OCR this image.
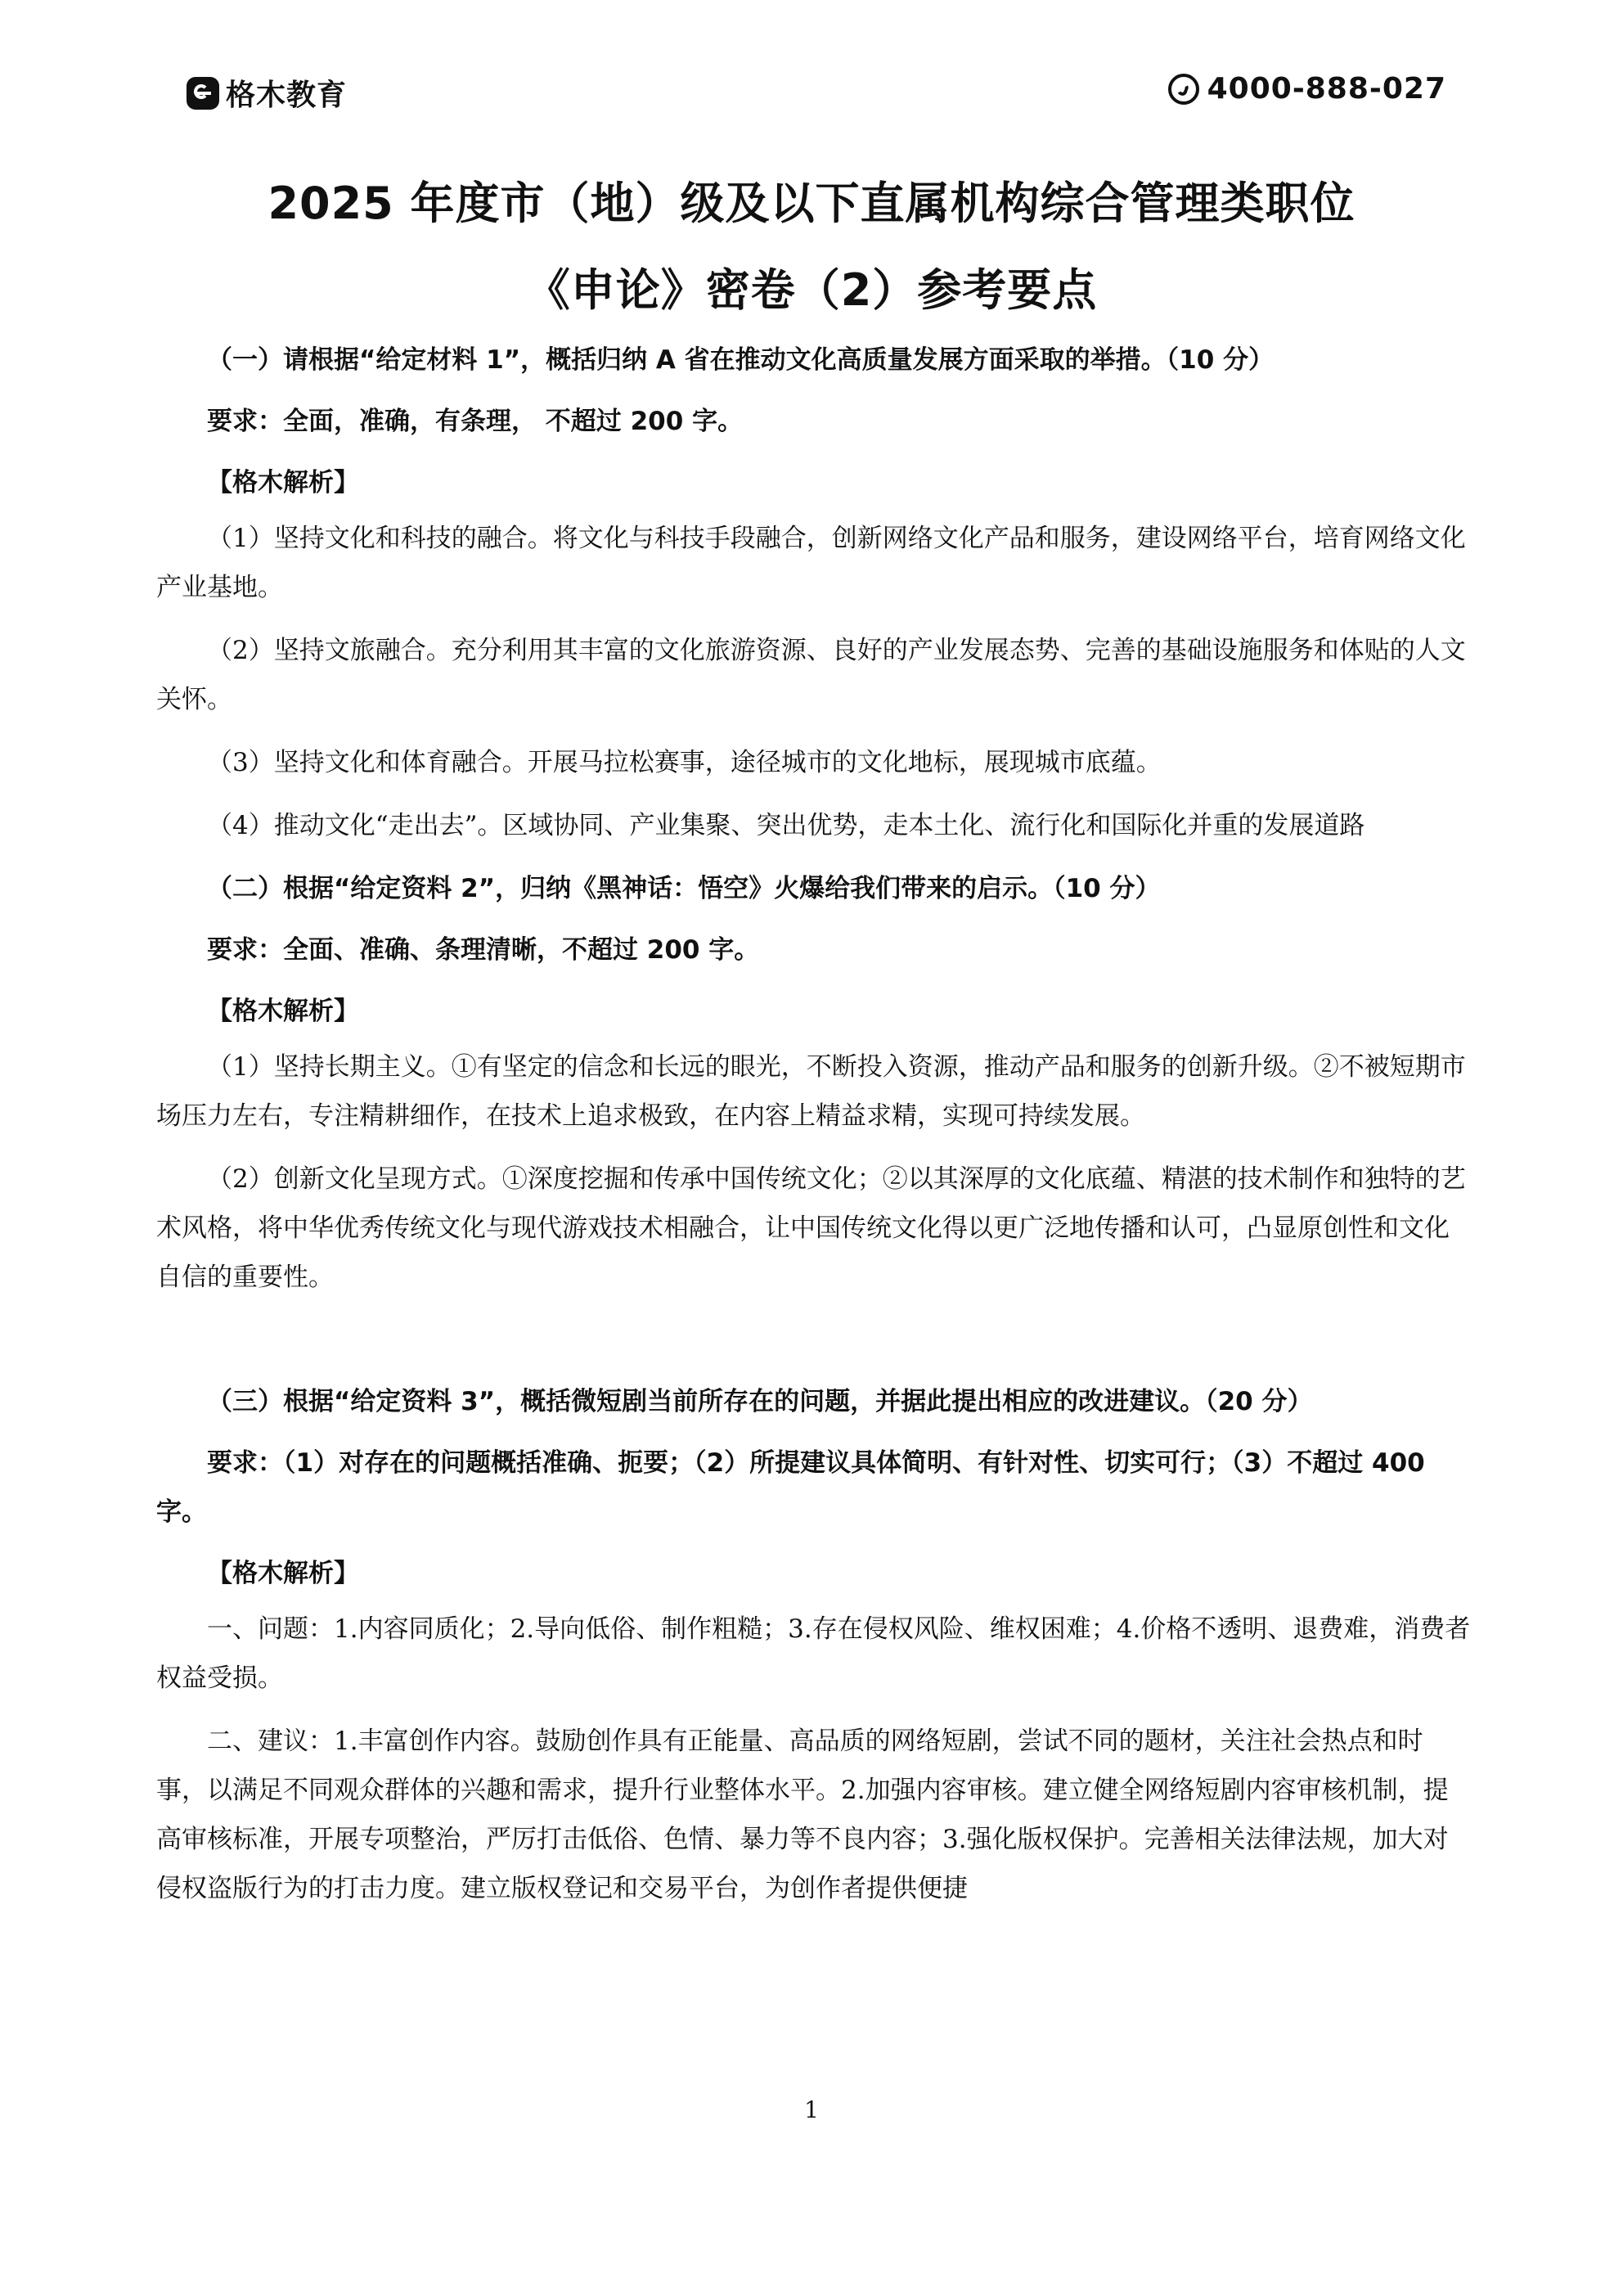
格木教育	4000-888-027
2025 年度市（地）级及以下直属机构综合管理类职位
《申论》密卷（2）参考要点

（一）请根据“给定材料 1”，概括归纳 A 省在推动文化高质量发展方面采取的举措。（10 分）

要求：全面，准确，有条理， 不超过 200 字。

【格木解析】

（1）坚持文化和科技的融合。将文化与科技手段融合，创新网络文化产品和服务，建设网络平台，培育网络文化产业基地。

（2）坚持文旅融合。充分利用其丰富的文化旅游资源、良好的产业发展态势、完善的基础设施服务和体贴的人文关怀。

（3）坚持文化和体育融合。开展马拉松赛事，途径城市的文化地标，展现城市底蕴。

（4）推动文化“走出去”。区域协同、产业集聚、突出优势，走本土化、流行化和国际化并重的发展道路

（二）根据“给定资料 2”，归纳《黑神话：悟空》火爆给我们带来的启示。（10 分）

要求：全面、准确、条理清晰，不超过 200 字。

【格木解析】

（1）坚持长期主义。①有坚定的信念和长远的眼光，不断投入资源，推动产品和服务的创新升级。②不被短期市场压力左右，专注精耕细作，在技术上追求极致，在内容上精益求精，实现可持续发展。

（2）创新文化呈现方式。①深度挖掘和传承中国传统文化；②以其深厚的文化底蕴、精湛的技术制作和独特的艺术风格，将中华优秀传统文化与现代游戏技术相融合，让中国传统文化得以更广泛地传播和认可，凸显原创性和文化自信的重要性。

（三）根据“给定资料 3”，概括微短剧当前所存在的问题，并据此提出相应的改进建议。（20 分）

要求：（1）对存在的问题概括准确、扼要；（2）所提建议具体简明、有针对性、切实可行；（3）不超过 400 字。

【格木解析】

一、问题：1.内容同质化；2.导向低俗、制作粗糙；3.存在侵权风险、维权困难；4.价格不透明、退费难，消费者权益受损。

二、建议：1.丰富创作内容。鼓励创作具有正能量、高品质的网络短剧，尝试不同的题材，关注社会热点和时事，以满足不同观众群体的兴趣和需求，提升行业整体水平。2.加强内容审核。建立健全网络短剧内容审核机制，提高审核标准，开展专项整治，严厉打击低俗、色情、暴力等不良内容；3.强化版权保护。完善相关法律法规，加大对侵权盗版行为的打击力度。建立版权登记和交易平台，为创作者提供便捷

1
